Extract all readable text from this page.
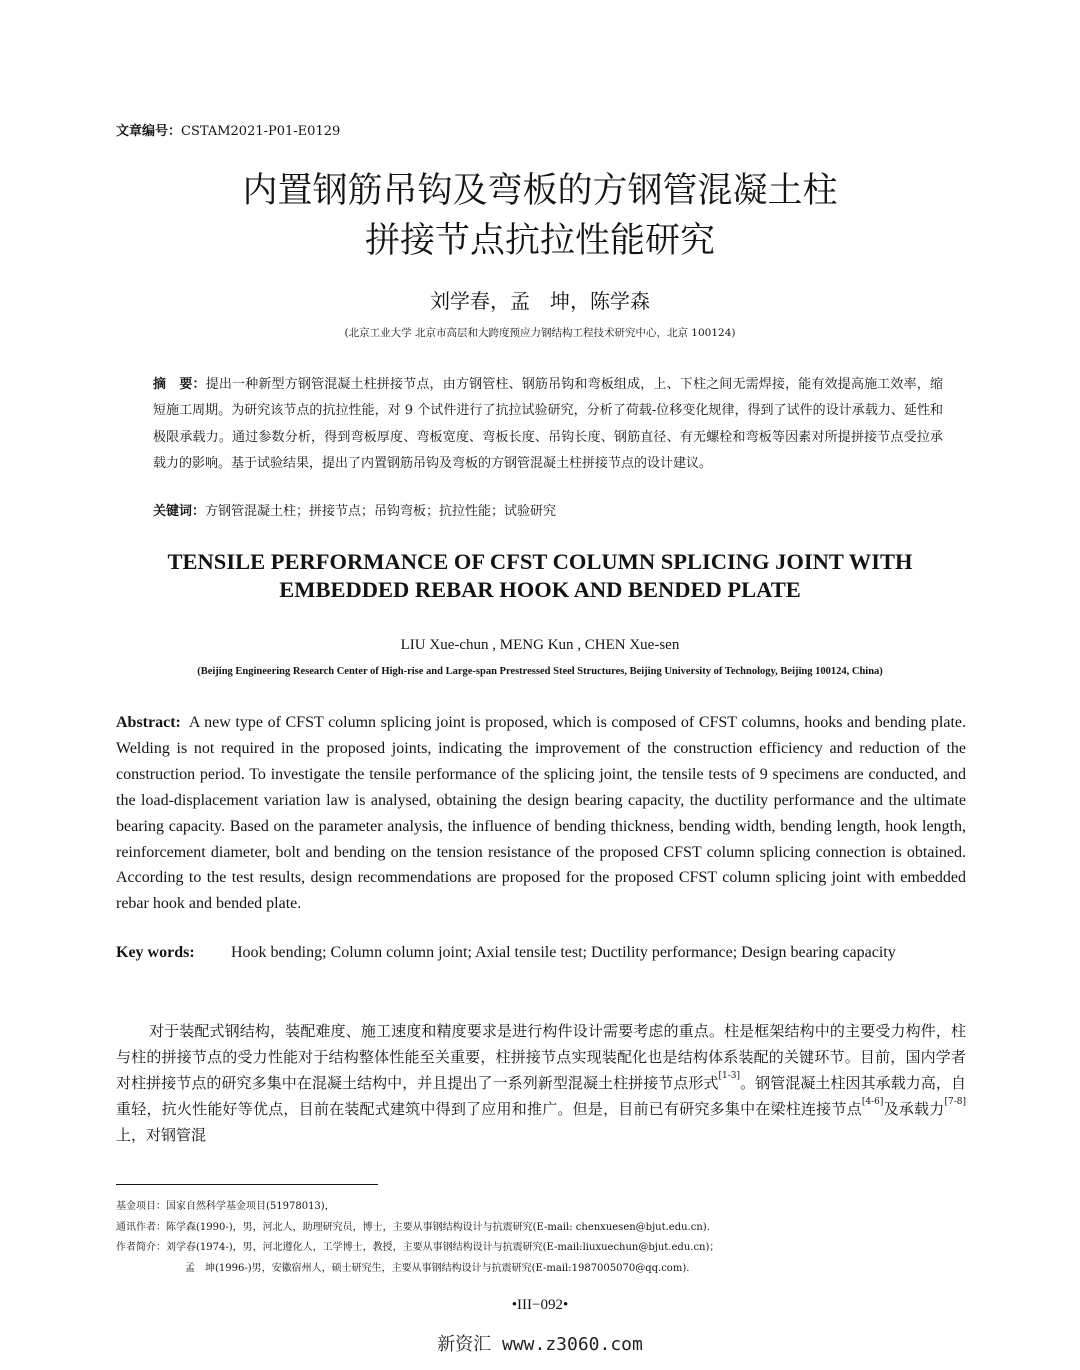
文章编号：CSTAM2021-P01-E0129
内置钢筋吊钩及弯板的方钢管混凝土柱
拼接节点抗拉性能研究
刘学春，孟　坤，陈学森
(北京工业大学 北京市高层和大跨度预应力钢结构工程技术研究中心，北京 100124)
摘　要：提出一种新型方钢管混凝土柱拼接节点，由方钢管柱、钢筋吊钩和弯板组成，上、下柱之间无需焊接，能有效提高施工效率，缩短施工周期。为研究该节点的抗拉性能，对 9 个试件进行了抗拉试验研究，分析了荷载-位移变化规律，得到了试件的设计承载力、延性和极限承载力。通过参数分析，得到弯板厚度、弯板宽度、弯板长度、吊钩长度、钢筋直径、有无螺栓和弯板等因素对所提拼接节点受拉承载力的影响。基于试验结果，提出了内置钢筋吊钩及弯板的方钢管混凝土柱拼接节点的设计建议。
关键词：方钢管混凝土柱；拼接节点；吊钩弯板；抗拉性能；试验研究
TENSILE PERFORMANCE OF CFST COLUMN SPLICING JOINT WITH
EMBEDDED REBAR HOOK AND BENDED PLATE
LIU Xue-chun , MENG Kun , CHEN Xue-sen
(Beijing Engineering Research Center of High-rise and Large-span Prestressed Steel Structures, Beijing University of Technology, Beijing 100124, China)
Abstract: A new type of CFST column splicing joint is proposed, which is composed of CFST columns, hooks and bending plate. Welding is not required in the proposed joints, indicating the improvement of the construction efficiency and reduction of the construction period. To investigate the tensile performance of the splicing joint, the tensile tests of 9 specimens are conducted, and the load-displacement variation law is analysed, obtaining the design bearing capacity, the ductility performance and the ultimate bearing capacity. Based on the parameter analysis, the influence of bending thickness, bending width, bending length, hook length, reinforcement diameter, bolt and bending on the tension resistance of the proposed CFST column splicing connection is obtained. According to the test results, design recommendations are proposed for the proposed CFST column splicing joint with embedded rebar hook and bended plate.
Key words:	Hook bending; Column column joint; Axial tensile test; Ductility performance; Design bearing capacity
对于装配式钢结构，装配难度、施工速度和精度要求是进行构件设计需要考虑的重点。柱是框架结构中的主要受力构件，柱与柱的拼接节点的受力性能对于结构整体性能至关重要，柱拼接节点实现装配化也是结构体系装配的关键环节。目前，国内学者对柱拼接节点的研究多集中在混凝土结构中，并且提出了一系列新型混凝土柱拼接节点形式[1-3]。钢管混凝土柱因其承载力高，自重轻，抗火性能好等优点，目前在装配式建筑中得到了应用和推广。但是，目前已有研究多集中在梁柱连接节点[4-6]及承载力[7-8]上，对钢管混
基金项目：国家自然科学基金项目(51978013)，
通讯作者：陈学森(1990-)，男，河北人，助理研究员，博士，主要从事钢结构设计与抗震研究(E-mail: chenxuesen@bjut.edu.cn).
作者简介：刘学春(1974-)，男，河北遵化人，工学博士，教授，主要从事钢结构设计与抗震研究(E-mail:liuxuechun@bjut.edu.cn)；
孟　坤(1996-)男，安徽宿州人，硕士研究生，主要从事钢结构设计与抗震研究(E-mail:1987005070@qq.com).
•III−092•
新资汇 www.z3060.com
